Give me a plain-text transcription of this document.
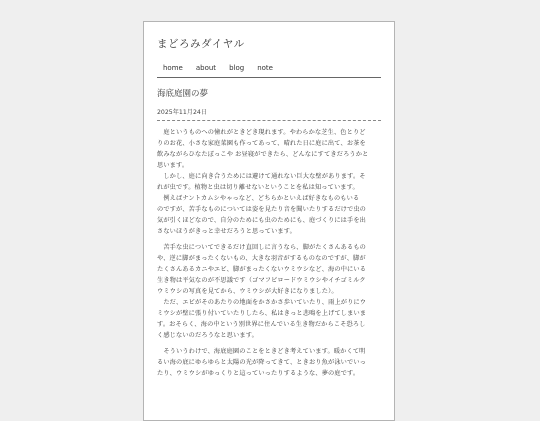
まどろみダイヤル
home about blog note
海底庭園の夢
2025年11月24日

　庭というものへの憧れがときどき現れます。やわらかな芝生、色とりど
りのお花、小さな家庭菜園も作ってあって、晴れた日に庭に出て、お茶を
飲みながらひなたぼっこや お昼寝ができたら、どんなにすてきだろうかと
思います。
　しかし、庭に向き合うためには避けて通れない巨大な壁があります。そ
れが虫です。植物と虫は切り離せないということを私は知っています。
　例えばナントカムシやゃっなど、どちらかといえば好きなものもいる
のですが、苦手なものについては姿を見たり音を聞いたりするだけで虫の
気が引くほどなので、自分のためにも虫のためにも、庭づくりには手を出
さないほうがきっと幸せだろうと思っています。

　苦手な虫についてできるだけ直回しに言うなら、脚がたくさんあるもの
や、逆に脚がまったくないもの、大きな羽音がするものなのですが、脚が
たくさんあるカニやエビ、脚がまったくないウミウシなど、海の中にいる
生き物は平気なのが不思議です（ゴマフビロードウミウシやイチゴミルク
ウミウシの写真を見てから、ウミウシが大好きになりました）。
　ただ、エビがそのあたりの地面をかさかさ歩いていたり、雨上がりにウ
ミウシが壁に張り付いていたりしたら、私はきっと悲鳴を上げてしまいま
す。おそらく、海の中という別世界に住んでいる生き物だからこそ恐ろし
く感じないのだろうなと思います。

　そういうわけで、海底庭園のことをときどき考えています。暖かくて明
るい海の底にゆらゆらと太陽の光が降ってきて、ときおり魚が泳いでいっ
たり、ウミウシがゆっくりと這っていったりするような、夢の庭です。
